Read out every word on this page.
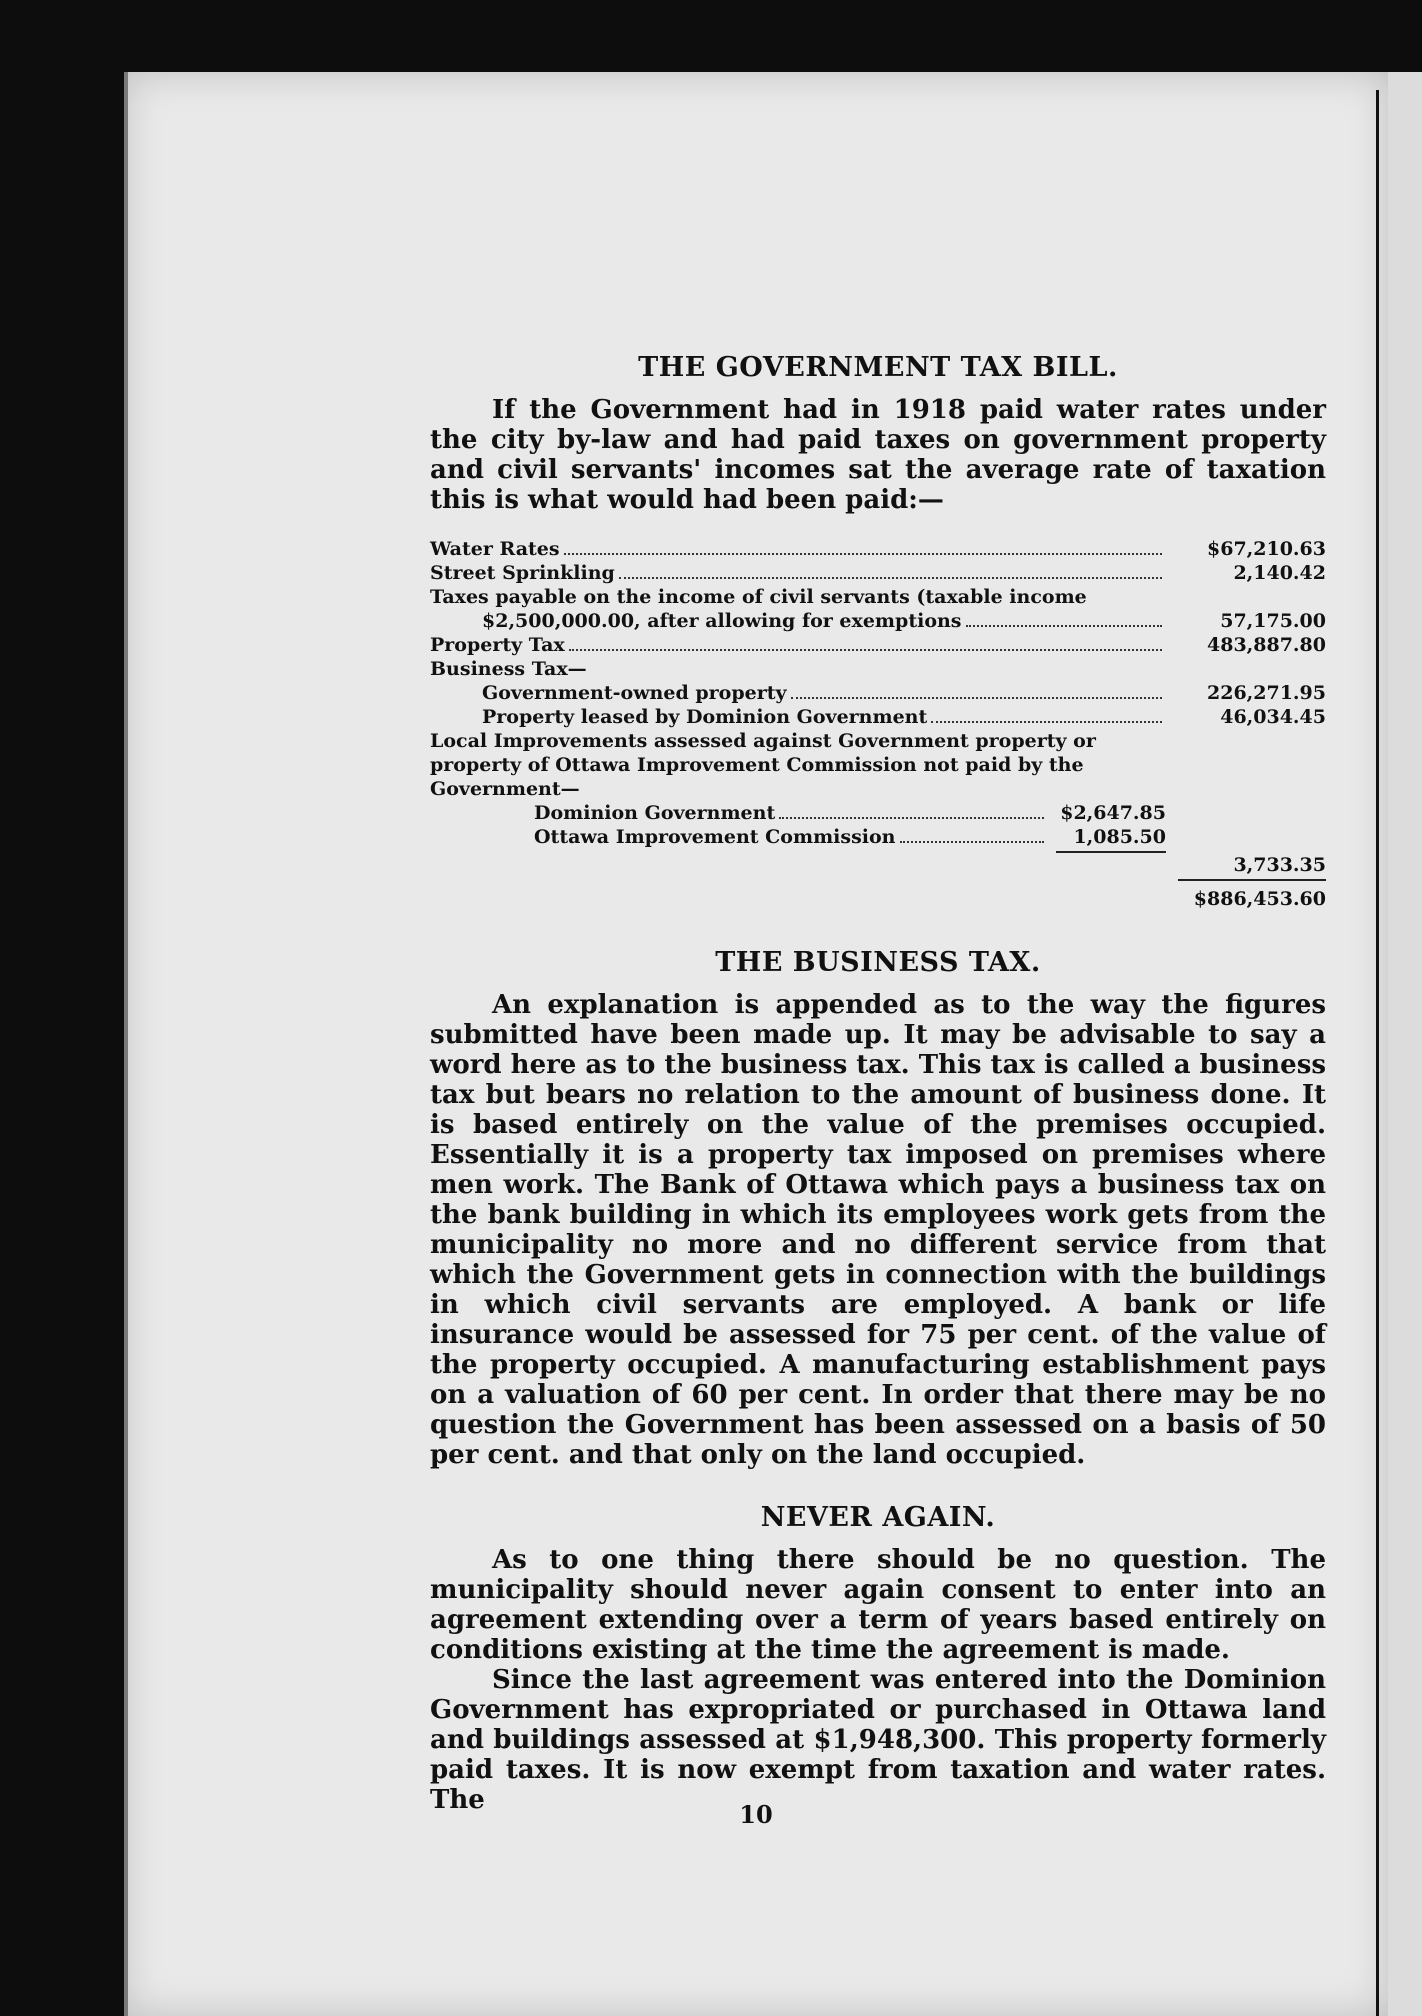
THE GOVERNMENT TAX BILL.

If the Government had in 1918 paid water rates under the city by-law and had paid taxes on government property and civil servants' incomes sat the average rate of taxation this is what would had been paid:—

Water Rates	$67,210.63
Street Sprinkling	2,140.42
Taxes payable on the income of civil servants (taxable income
$2,500,000.00, after allowing for exemptions	57,175.00
Property Tax	483,887.80
Business Tax—
Government-owned property	226,271.95
Property leased by Dominion Government	46,034.45
Local Improvements assessed against Government property or property of Ottawa Improvement Commission not paid by the Government—
Dominion Government	$2,647.85
Ottawa Improvement Commission	1,085.50
3,733.35
$886,453.60
THE BUSINESS TAX.

An explanation is appended as to the way the figures submitted have been made up. It may be advisable to say a word here as to the business tax. This tax is called a business tax but bears no relation to the amount of business done. It is based entirely on the value of the premises occupied. Essentially it is a property tax imposed on premises where men work. The Bank of Ottawa which pays a business tax on the bank building in which its employees work gets from the municipality no more and no different service from that which the Government gets in connection with the buildings in which civil servants are employed. A bank or life insurance would be assessed for 75 per cent. of the value of the property occupied. A manufacturing establishment pays on a valuation of 60 per cent. In order that there may be no question the Government has been assessed on a basis of 50 per cent. and that only on the land occupied.

NEVER AGAIN.

As to one thing there should be no question. The municipality should never again consent to enter into an agreement extending over a term of years based entirely on conditions existing at the time the agreement is made.

Since the last agreement was entered into the Dominion Government has expropriated or purchased in Ottawa land and buildings assessed at $1,948,300. This property formerly paid taxes. It is now exempt from taxation and water rates. The	10
